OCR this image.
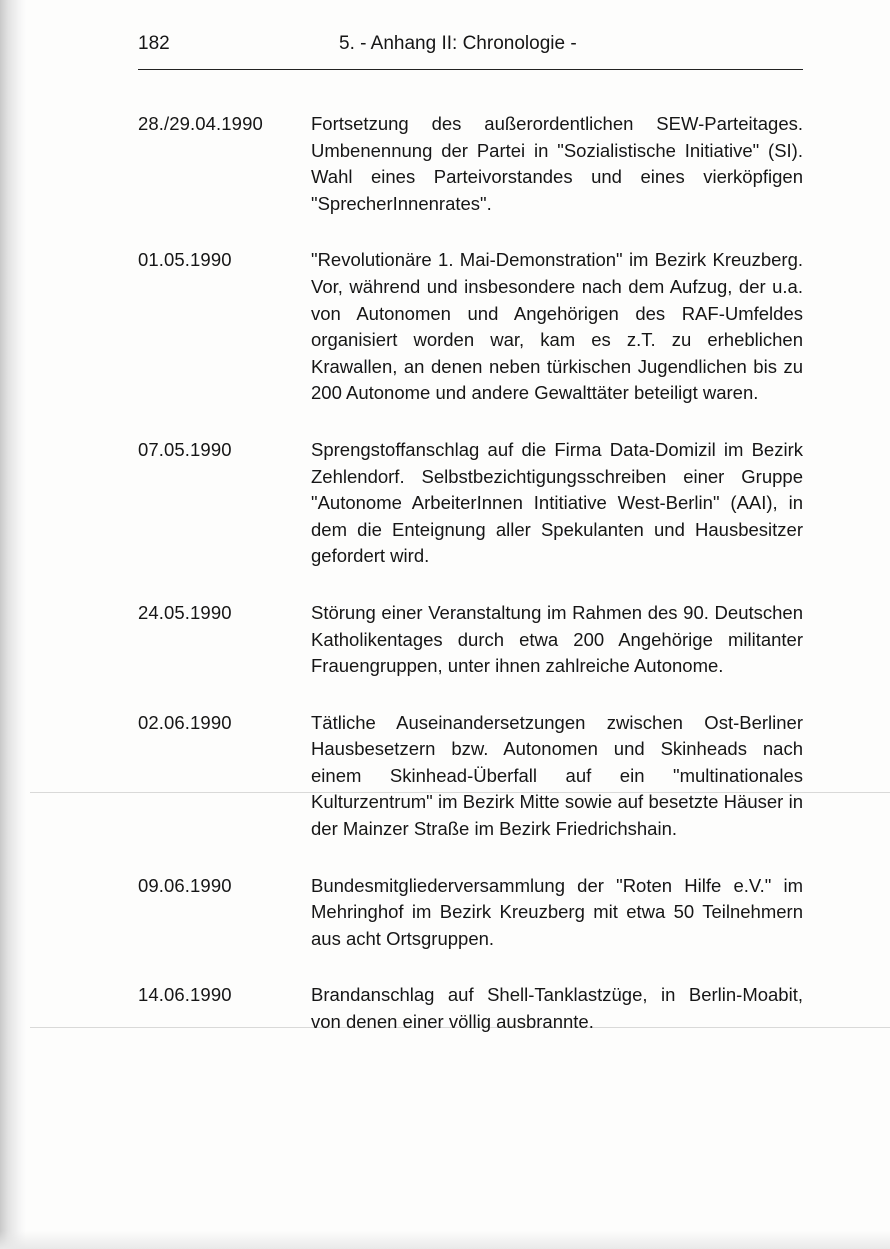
182	5. - Anhang II: Chronologie -
28./29.04.1990	Fortsetzung des außerordentlichen SEW-Parteitages. Umbenennung der Partei in "Sozialistische Initiative" (SI). Wahl eines Parteivorstandes und eines vierköpfigen "SprecherInnenrates".
01.05.1990	"Revolutionäre 1. Mai-Demonstration" im Bezirk Kreuzberg. Vor, während und insbesondere nach dem Aufzug, der u.a. von Autonomen und Angehörigen des RAF-Umfeldes organisiert worden war, kam es z.T. zu erheblichen Krawallen, an denen neben türkischen Jugendlichen bis zu 200 Autonome und andere Gewalttäter beteiligt waren.
07.05.1990	Sprengstoffanschlag auf die Firma Data-Domizil im Bezirk Zehlendorf. Selbstbezichtigungsschreiben einer Gruppe "Autonome ArbeiterInnen Intitiative West-Berlin" (AAI), in dem die Enteignung aller Spekulanten und Hausbesitzer gefordert wird.
24.05.1990	Störung einer Veranstaltung im Rahmen des 90. Deutschen Katholikentages durch etwa 200 Angehörige militanter Frauengruppen, unter ihnen zahlreiche Autonome.
02.06.1990	Tätliche Auseinandersetzungen zwischen Ost-Berliner Hausbesetzern bzw. Autonomen und Skinheads nach einem Skinhead-Überfall auf ein "multinationales Kulturzentrum" im Bezirk Mitte sowie auf besetzte Häuser in der Mainzer Straße im Bezirk Friedrichshain.
09.06.1990	Bundesmitgliederversammlung der "Roten Hilfe e.V." im Mehringhof im Bezirk Kreuzberg mit etwa 50 Teilnehmern aus acht Ortsgruppen.
14.06.1990	Brandanschlag auf Shell-Tanklastzüge, in Berlin-Moabit, von denen einer völlig ausbrannte.
